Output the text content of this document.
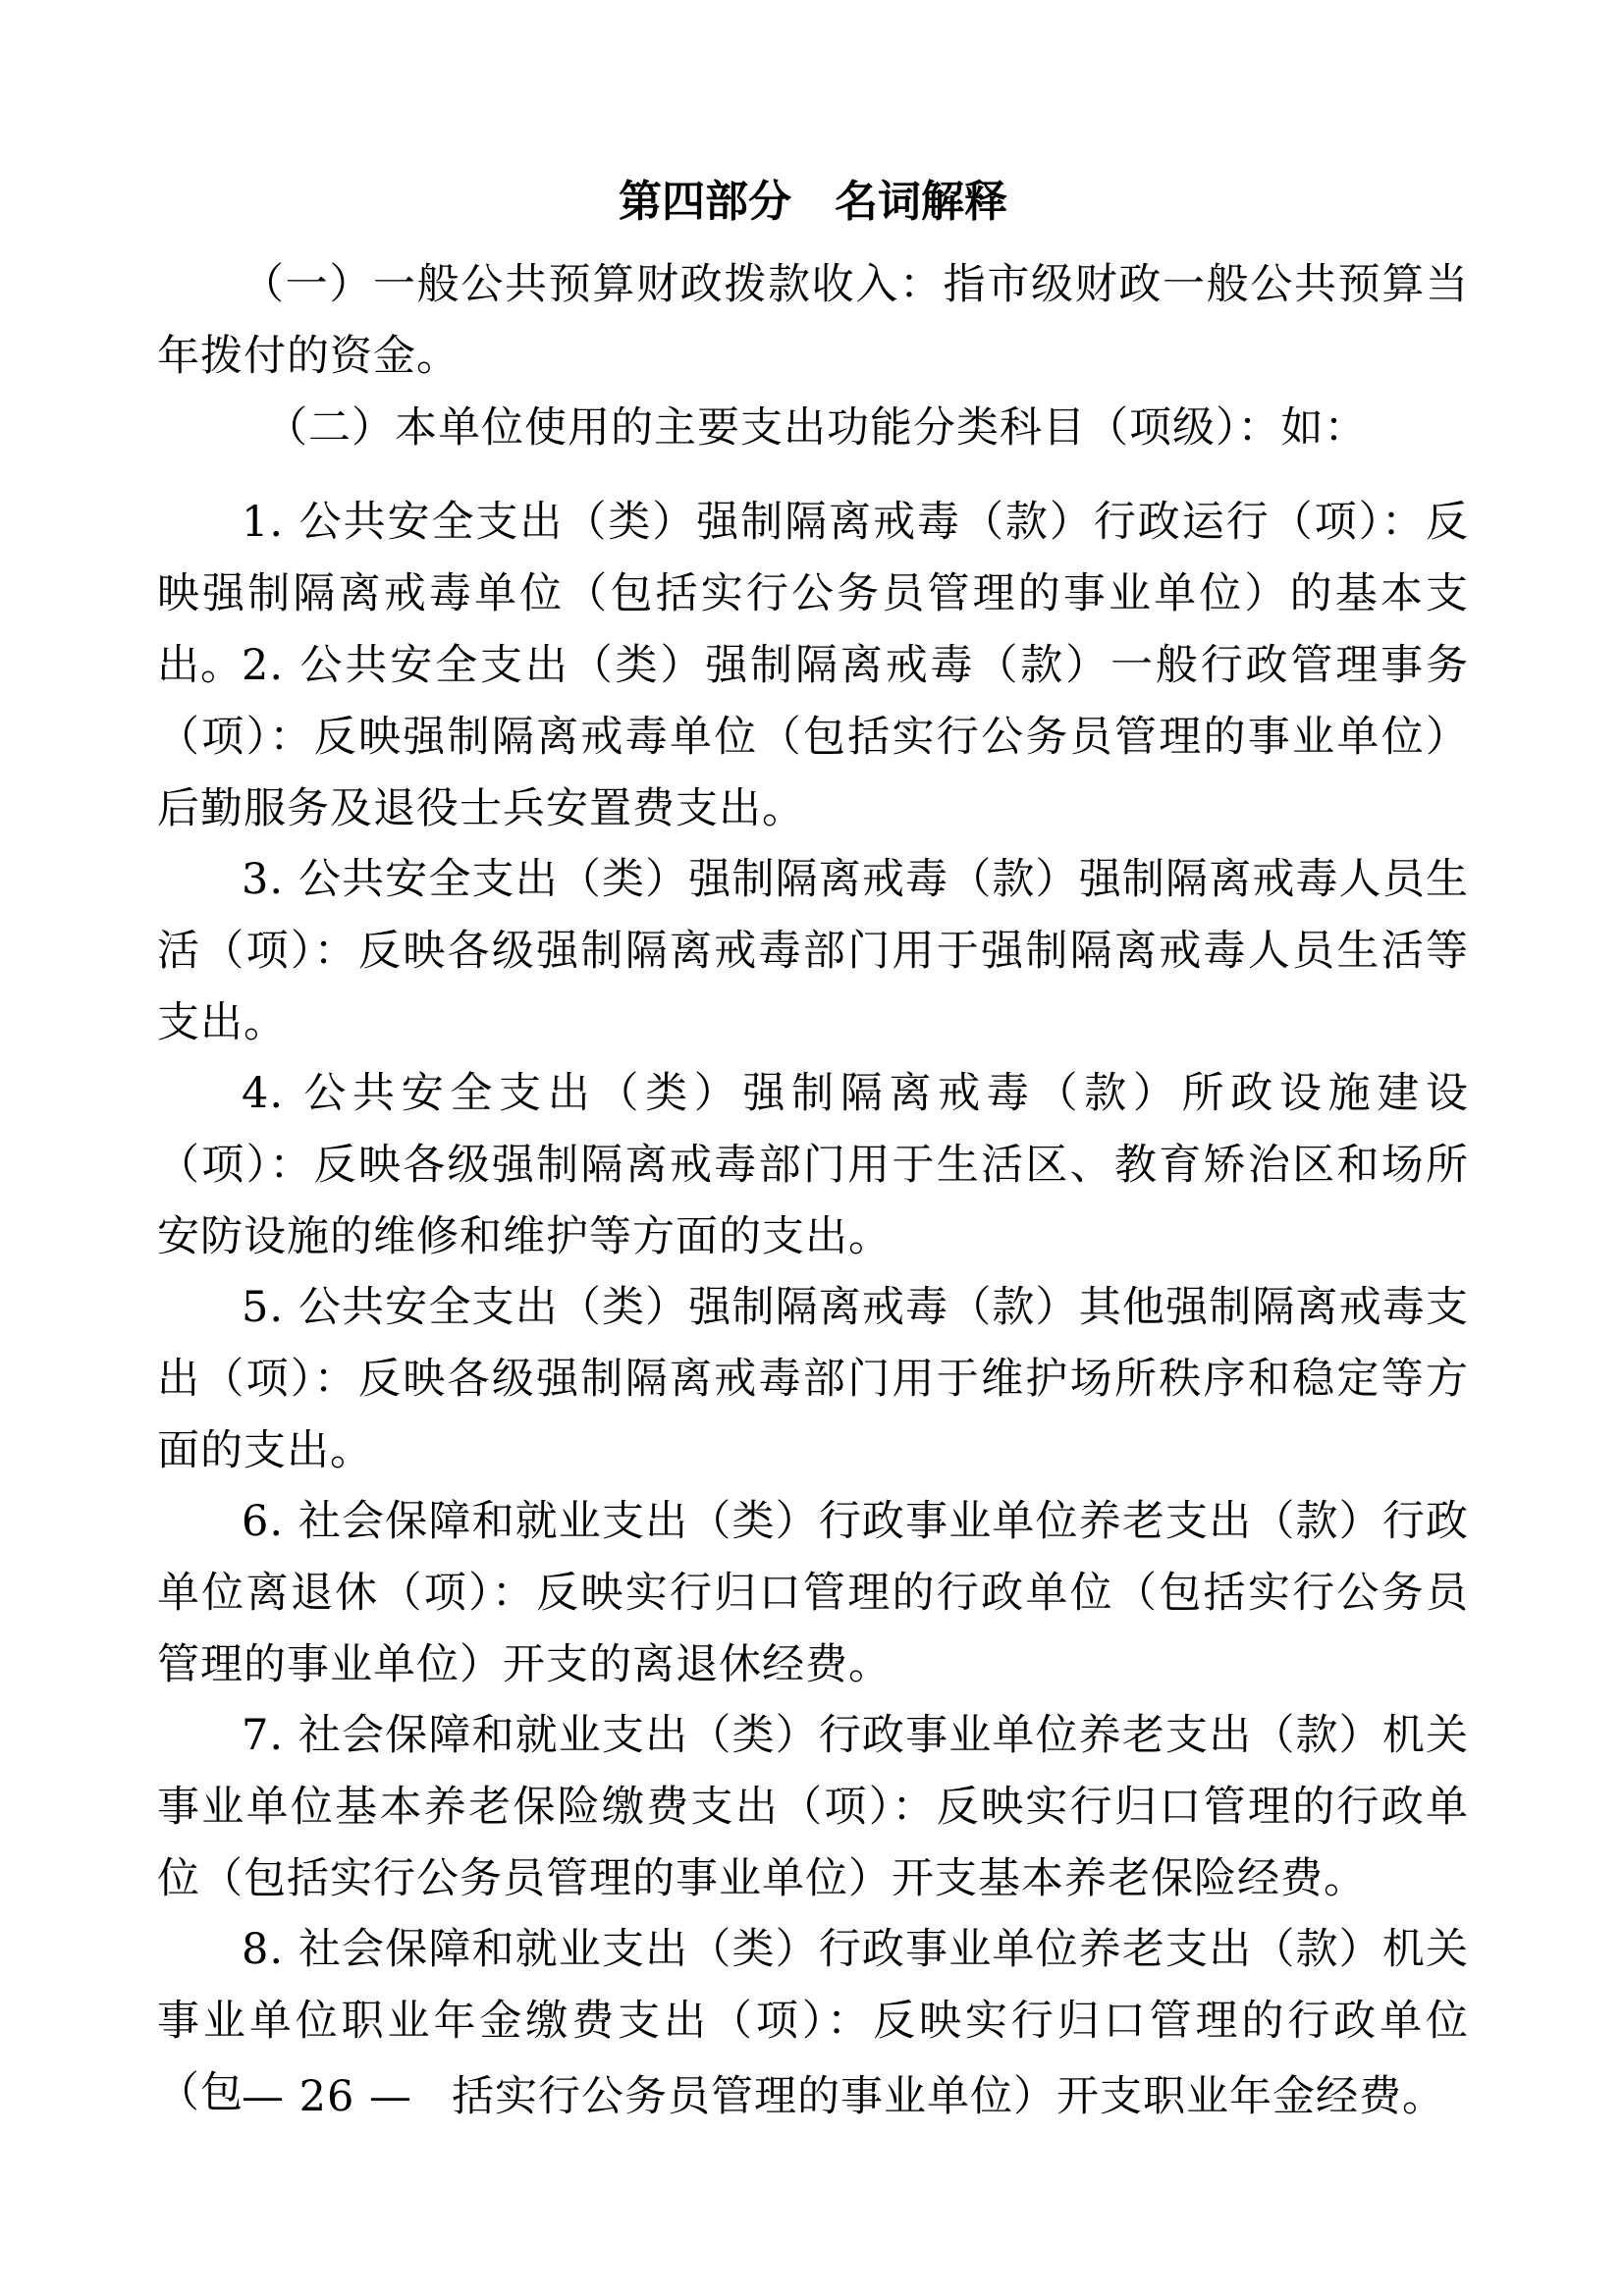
第四部分　名词解释

（一）一般公共预算财政拨款收入：指市级财政一般公共预算当年拨付的资金。

（二）本单位使用的主要支出功能分类科目（项级）：如：

1. 公共安全支出（类）强制隔离戒毒（款）行政运行（项）：反映强制隔离戒毒单位（包括实行公务员管理的事业单位）的基本支出。

2. 公共安全支出（类）强制隔离戒毒（款）一般行政管理事务（项）：反映强制隔离戒毒单位（包括实行公务员管理的事业单位）后勤服务及退役士兵安置费支出。

3. 公共安全支出（类）强制隔离戒毒（款）强制隔离戒毒人员生活（项）：反映各级强制隔离戒毒部门用于强制隔离戒毒人员生活等支出。

4. 公共安全支出（类）强制隔离戒毒（款）所政设施建设（项）：反映各级强制隔离戒毒部门用于生活区、教育矫治区和场所安防设施的维修和维护等方面的支出。

5. 公共安全支出（类）强制隔离戒毒（款）其他强制隔离戒毒支出（项）：反映各级强制隔离戒毒部门用于维护场所秩序和稳定等方面的支出。

6. 社会保障和就业支出（类）行政事业单位养老支出（款）行政单位离退休（项）：反映实行归口管理的行政单位（包括实行公务员管理的事业单位）开支的离退休经费。

7. 社会保障和就业支出（类）行政事业单位养老支出（款）机关事业单位基本养老保险缴费支出（项）：反映实行归口管理的行政单位（包括实行公务员管理的事业单位）开支基本养老保险经费。

8. 社会保障和就业支出（类）行政事业单位养老支出（款）机关事业单位职业年金缴费支出（项）：反映实行归口管理的行政单位（包

— 26 — 括实行公务员管理的事业单位）开支职业年金经费。
